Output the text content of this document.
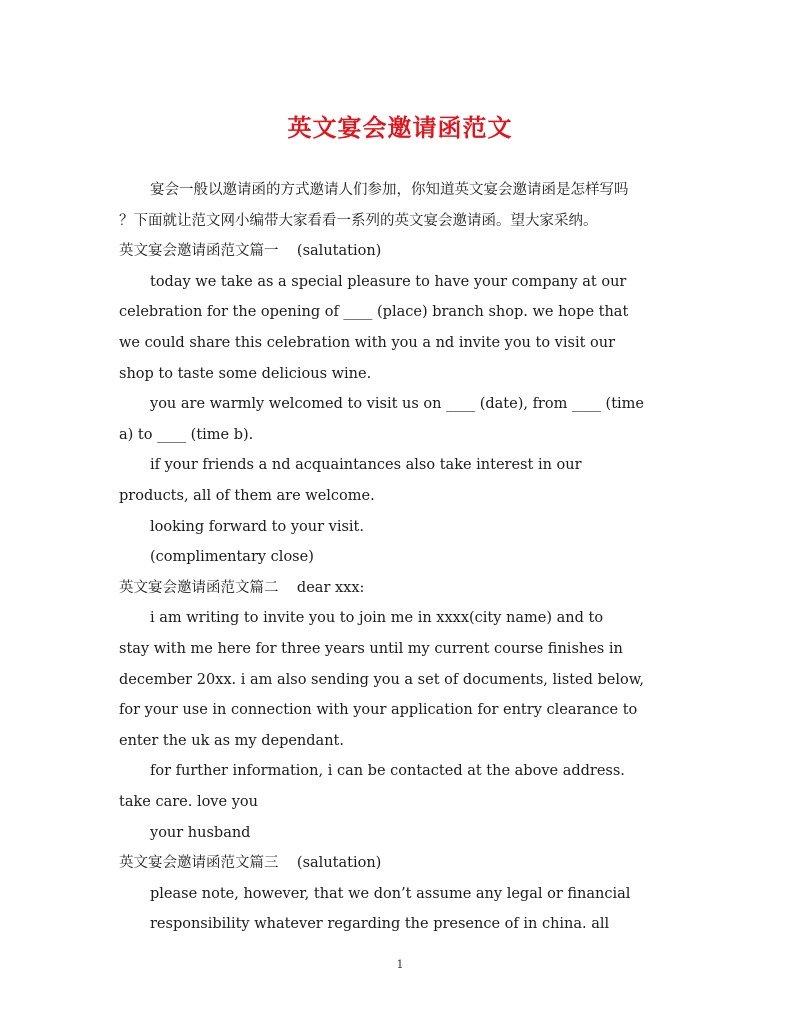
英文宴会邀请函范文
宴会一般以邀请函的方式邀请人们参加，你知道英文宴会邀请函是怎样写吗
？下面就让范文网小编带大家看看一系列的英文宴会邀请函。望大家采纳。
英文宴会邀请函范文篇一    (salutation)
today we take as a special pleasure to have your company at our
celebration for the opening of ____ (place) branch shop. we hope that
we could share this celebration with you a nd invite you to visit our
shop to taste some delicious wine.
you are warmly welcomed to visit us on ____ (date), from ____ (time
a) to ____ (time b).
if your friends a nd acquaintances also take interest in our
products, all of them are welcome.
looking forward to your visit.
(complimentary close)
英文宴会邀请函范文篇二    dear xxx:
i am writing to invite you to join me in xxxx(city name) and to
stay with me here for three years until my current course finishes in
december 20xx. i am also sending you a set of documents, listed below,
for your use in connection with your application for entry clearance to
enter the uk as my dependant.
for further information, i can be contacted at the above address.
take care. love you
your husband
英文宴会邀请函范文篇三    (salutation)
please note, however, that we don’t assume any legal or financial
responsibility whatever regarding the presence of in china. all
1
